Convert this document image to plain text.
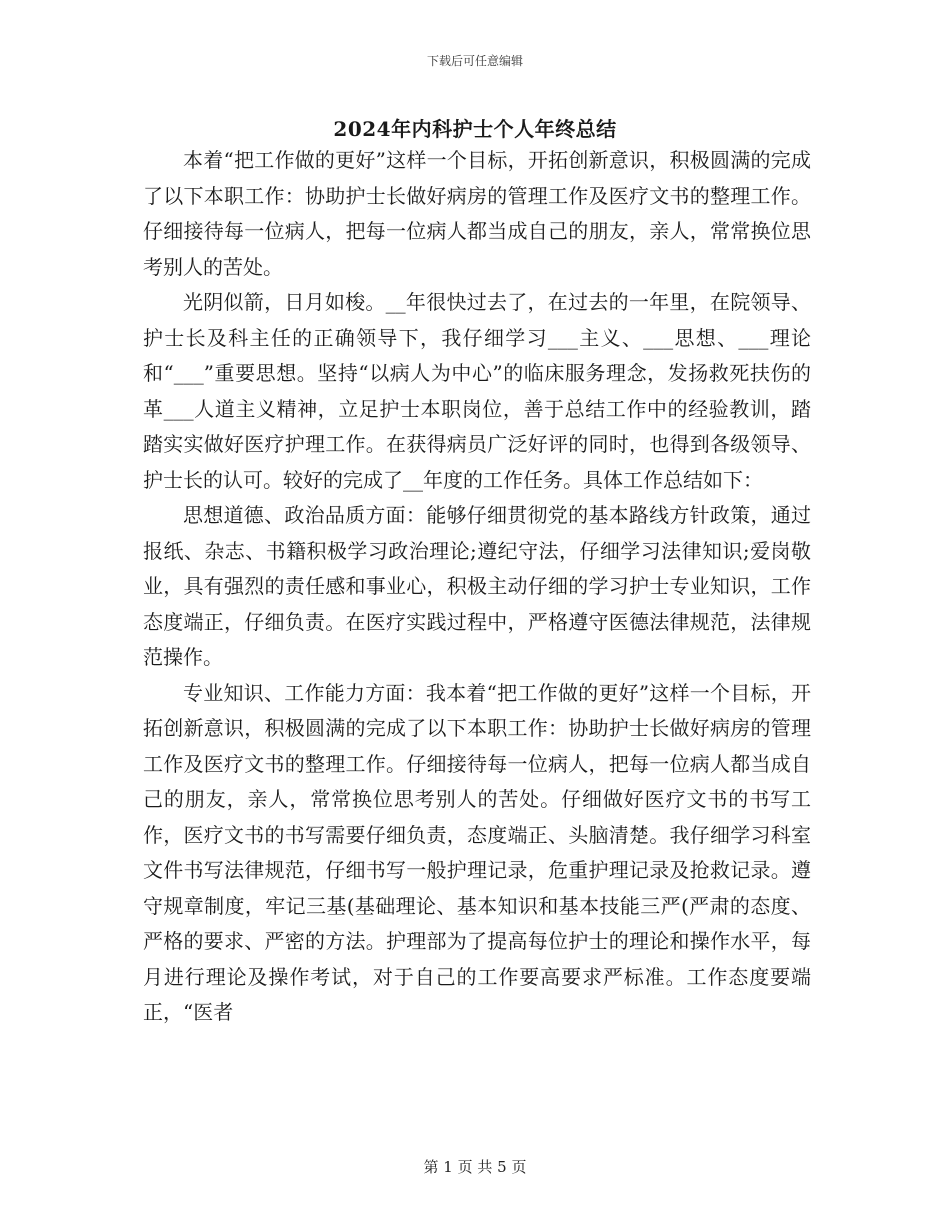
下载后可任意编辑
2024年内科护士个人年终总结

本着“把工作做的更好”这样一个目标，开拓创新意识，积极圆满的完成了以下本职工作：协助护士长做好病房的管理工作及医疗文书的整理工作。仔细接待每一位病人，把每一位病人都当成自己的朋友，亲人，常常换位思考别人的苦处。

光阴似箭，日月如梭。__年很快过去了，在过去的一年里，在院领导、护士长及科主任的正确领导下，我仔细学习___主义、___思想、___理论和“___”重要思想。坚持“以病人为中心”的临床服务理念，发扬救死扶伤的革___人道主义精神，立足护士本职岗位，善于总结工作中的经验教训，踏踏实实做好医疗护理工作。在获得病员广泛好评的同时，也得到各级领导、护士长的认可。较好的完成了__年度的工作任务。具体工作总结如下：

思想道德、政治品质方面：能够仔细贯彻党的基本路线方针政策，通过报纸、杂志、书籍积极学习政治理论;遵纪守法，仔细学习法律知识;爱岗敬业，具有强烈的责任感和事业心，积极主动仔细的学习护士专业知识，工作态度端正，仔细负责。在医疗实践过程中，严格遵守医德法律规范，法律规范操作。

专业知识、工作能力方面：我本着“把工作做的更好”这样一个目标，开拓创新意识，积极圆满的完成了以下本职工作：协助护士长做好病房的管理工作及医疗文书的整理工作。仔细接待每一位病人，把每一位病人都当成自己的朋友，亲人，常常换位思考别人的苦处。仔细做好医疗文书的书写工作，医疗文书的书写需要仔细负责，态度端正、头脑清楚。我仔细学习科室文件书写法律规范，仔细书写一般护理记录，危重护理记录及抢救记录。遵守规章制度，牢记三基(基础理论、基本知识和基本技能三严(严肃的态度、严格的要求、严密的方法。护理部为了提高每位护士的理论和操作水平，每月进行理论及操作考试，对于自己的工作要高要求严标准。工作态度要端正，“医者

第 1 页 共 5 页
